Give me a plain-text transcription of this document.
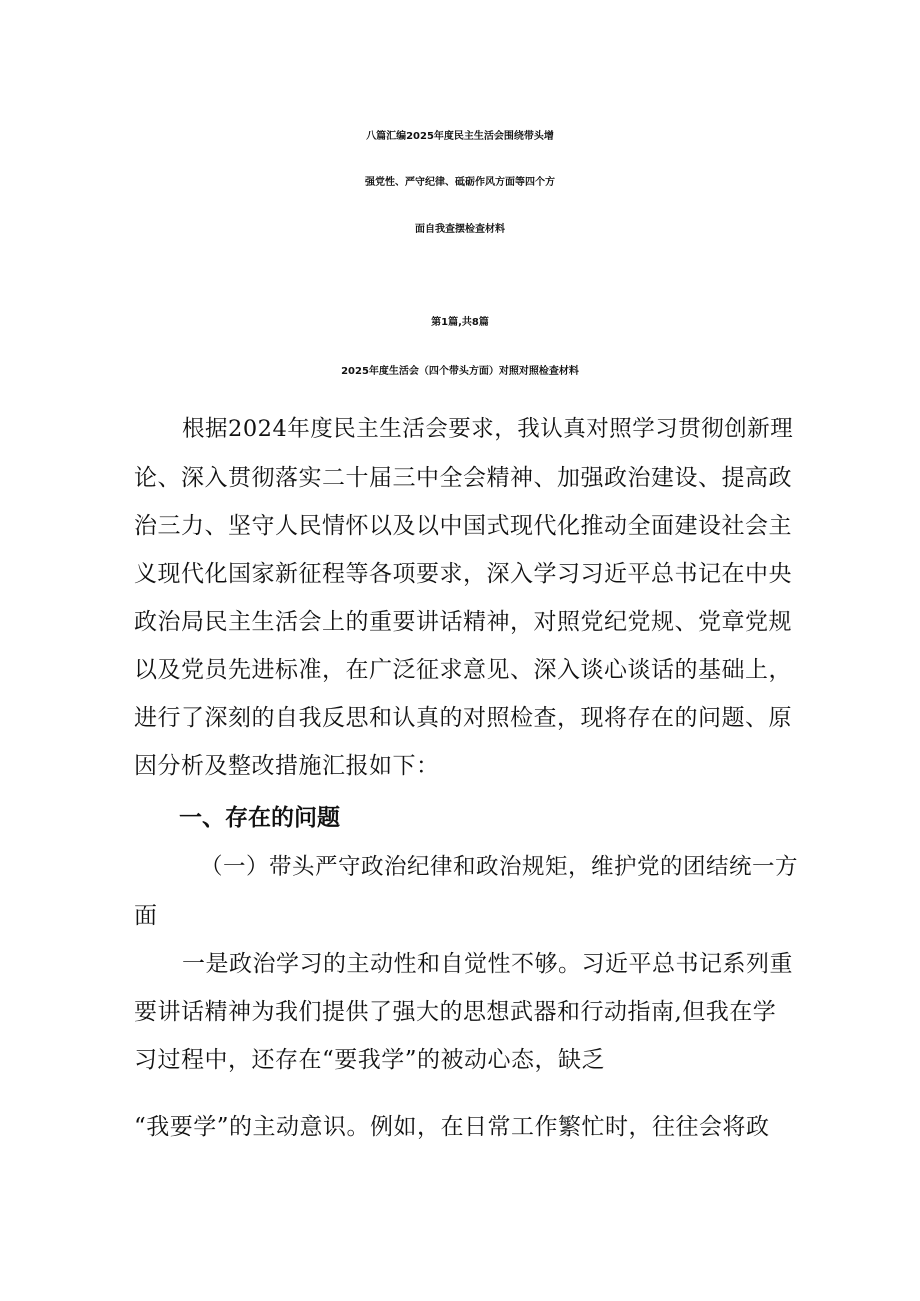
八篇汇编2025年度民主生活会围绕带头增
强党性、严守纪律、砥砺作风方面等四个方
面自我查摆检查材料
第1篇,共8篇
2025年度生活会（四个带头方面）对照对照检查材料
根据2024年度民主生活会要求，我认真对照学习贯彻创新理
论、深入贯彻落实二十届三中全会精神、加强政治建设、提高政
治三力、坚守人民情怀以及以中国式现代化推动全面建设社会主
义现代化国家新征程等各项要求，深入学习习近平总书记在中央
政治局民主生活会上的重要讲话精神，对照党纪党规、党章党规
以及党员先进标准，在广泛征求意见、深入谈心谈话的基础上，
进行了深刻的自我反思和认真的对照检查，现将存在的问题、原
因分析及整改措施汇报如下：
一、存在的问题
（一）带头严守政治纪律和政治规矩，维护党的团结统一方
面
一是政治学习的主动性和自觉性不够。习近平总书记系列重
要讲话精神为我们提供了强大的思想武器和行动指南,但我在学
习过程中，还存在“要我学”的被动心态，缺乏
“我要学”的主动意识。例如，在日常工作繁忙时，往往会将政
